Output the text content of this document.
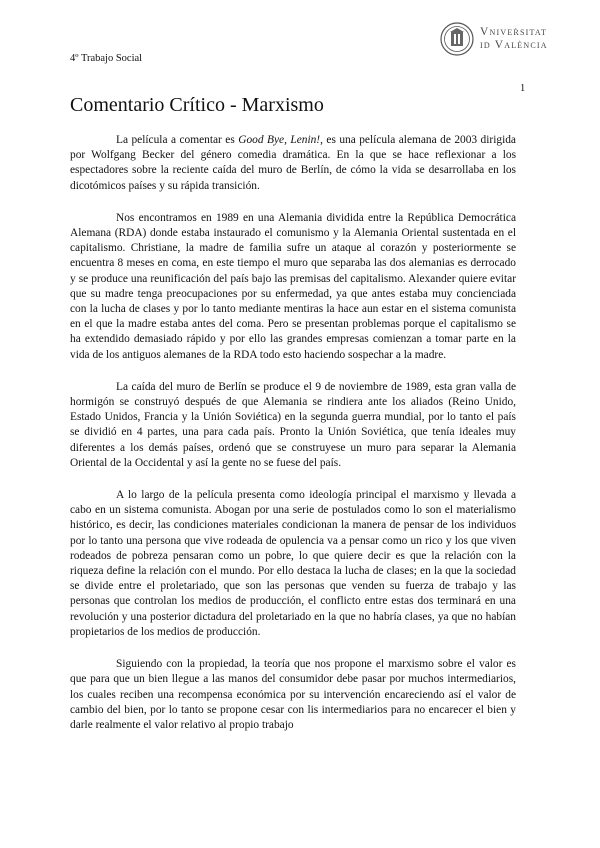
4º Trabajo Social
Vniveṙsitat
id València
1
Comentario Crítico - Marxismo

La película a comentar es Good Bye, Lenin!, es una película alemana de 2003 dirigida por Wolfgang Becker del género comedia dramática. En la que se hace reflexionar a los espectadores sobre la reciente caída del muro de Berlín, de cómo la vida se desarrollaba en los dicotómicos países y su rápida transición.

Nos encontramos en 1989 en una Alemania dividida entre la República Democrática Alemana (RDA) donde estaba instaurado el comunismo y la Alemania Oriental sustentada en el capitalismo. Christiane, la madre de familia sufre un ataque al corazón y posteriormente se encuentra 8 meses en coma, en este tiempo el muro que separaba las dos alemanias es derrocado y se produce una reunificación del país bajo las premisas del capitalismo. Alexander quiere evitar que su madre tenga preocupaciones por su enfermedad, ya que antes estaba muy concienciada con la lucha de clases y por lo tanto mediante mentiras la hace aun estar en el sistema comunista en el que la madre estaba antes del coma. Pero se presentan problemas porque el capitalismo se ha extendido demasiado rápido y por ello las grandes empresas comienzan a tomar parte en la vida de los antiguos alemanes de la RDA todo esto haciendo sospechar a la madre.

La caída del muro de Berlín se produce el 9 de noviembre de 1989, esta gran valla de hormigón se construyó después de que Alemania se rindiera ante los aliados (Reino Unido, Estado Unidos, Francia y la Unión Soviética) en la segunda guerra mundial, por lo tanto el país se dividió en 4 partes, una para cada país. Pronto la Unión Soviética, que tenía ideales muy diferentes a los demás países, ordenó que se construyese un muro para separar la Alemania Oriental de la Occidental y así la gente no se fuese del país.

A lo largo de la película presenta como ideología principal el marxismo y llevada a cabo en un sistema comunista. Abogan por una serie de postulados como lo son el materialismo histórico, es decir, las condiciones materiales condicionan la manera de pensar de los individuos por lo tanto una persona que vive rodeada de opulencia va a pensar como un rico y los que viven rodeados de pobreza pensaran como un pobre, lo que quiere decir es que la relación con la riqueza define la relación con el mundo. Por ello destaca la lucha de clases; en la que la sociedad se divide entre el proletariado, que son las personas que venden su fuerza de trabajo y las personas que controlan los medios de producción, el conflicto entre estas dos terminará en una revolución y una posterior dictadura del proletariado en la que no habría clases, ya que no habían propietarios de los medios de producción.

Siguiendo con la propiedad, la teoría que nos propone el marxismo sobre el valor es que para que un bien llegue a las manos del consumidor debe pasar por muchos intermediarios, los cuales reciben una recompensa económica por su intervención encareciendo así el valor de cambio del bien, por lo tanto se propone cesar con lis intermediarios para no encarecer el bien y darle realmente el valor relativo al propio trabajo
